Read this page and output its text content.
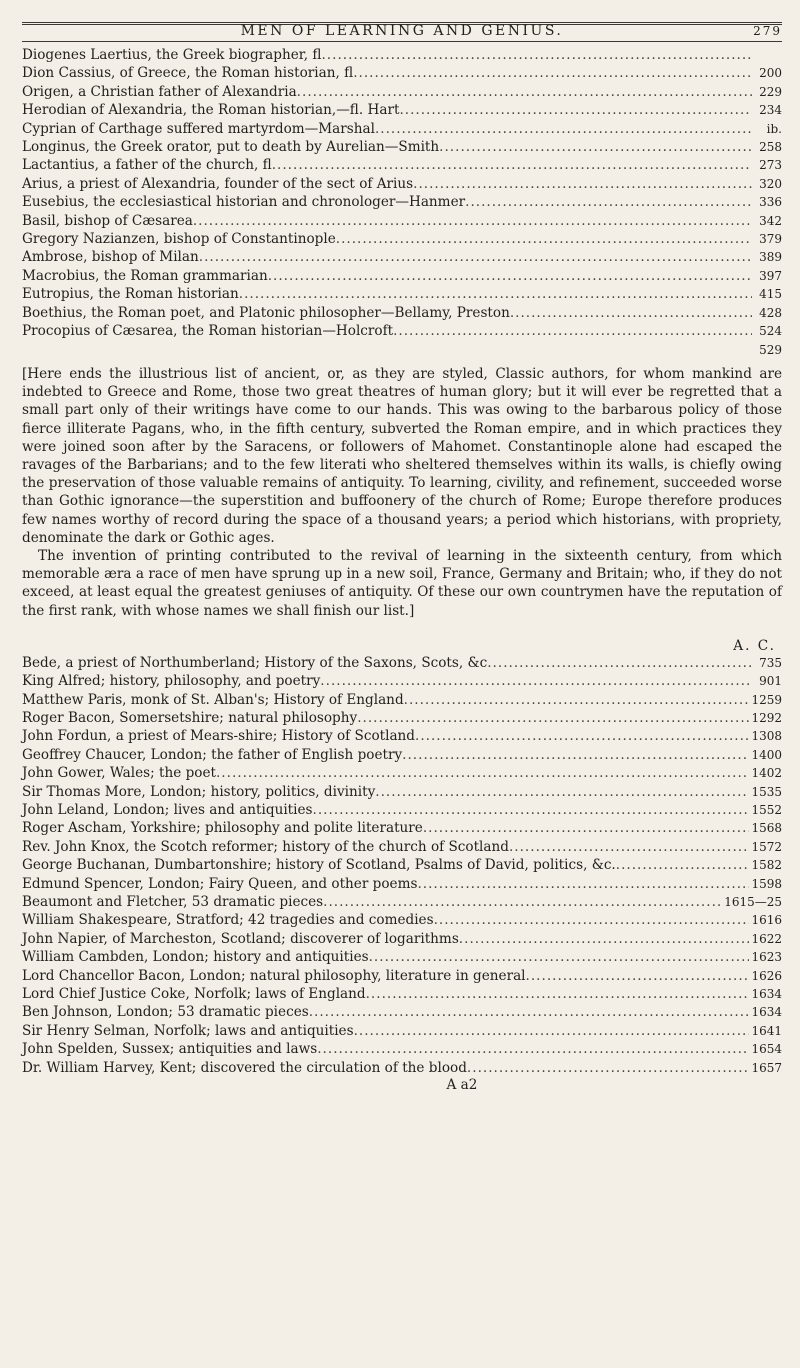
MEN OF LEARNING AND GENIUS.	279
Diogenes Laertius, the Greek biographer, fl
.....
Dion Cassius, of Greece, the Roman historian, fl .....	200
Origen, a Christian father of Alexandria .....	229
Herodian of Alexandria, the Roman historian,—fl. Hart .....	234
Cyprian of Carthage suffered martyrdom—Marshal .....	ib.
Longinus, the Greek orator, put to death by Aurelian—Smith .....	258
Lactantius, a father of the church, fl .....	273
Arius, a priest of Alexandria, founder of the sect of Arius .....	320
Eusebius, the ecclesiastical historian and chronologer—Hanmer .....	336
Basil, bishop of Cæsarea .....	342
Gregory Nazianzen, bishop of Constantinople .....	379
Ambrose, bishop of Milan .....	389
Macrobius, the Roman grammarian .....	397
Eutropius, the Roman historian .....	415
Boethius, the Roman poet, and Platonic philosopher—Bellamy, Preston .....	428
Procopius of Cæsarea, the Roman historian—Holcroft .....	524
529

[Here ends the illustrious list of ancient, or, as they are styled, Classic authors, for whom mankind are indebted to Greece and Rome, those two great theatres of human glory; but it will ever be regretted that a small part only of their writings have come to our hands. This was owing to the barbarous policy of those fierce illiterate Pagans, who, in the fifth century, subverted the Roman empire, and in which practices they were joined soon after by the Saracens, or followers of Mahomet. Constantinople alone had escaped the ravages of the Barbarians; and to the few literati who sheltered themselves within its walls, is chiefly owing the preservation of those valuable remains of antiquity. To learning, civility, and refinement, succeeded worse than Gothic ignorance—the superstition and buffoonery of the church of Rome; Europe therefore produces few names worthy of record during the space of a thousand years; a period which historians, with propriety, denominate the dark or Gothic ages.

The invention of printing contributed to the revival of learning in the sixteenth century, from which memorable æra a race of men have sprung up in a new soil, France, Germany and Britain; who, if they do not exceed, at least equal the greatest geniuses of antiquity. Of these our own countrymen have the reputation of the first rank, with whose names we shall finish our list.]

A. C.
Bede, a priest of Northumberland; History of the Saxons, Scots, &c .....	735
King Alfred; history, philosophy, and poetry .....	901
Matthew Paris, monk of St. Alban's; History of England .....	1259
Roger Bacon, Somersetshire; natural philosophy .....	1292
John Fordun, a priest of Mears-shire; History of Scotland .....	1308
Geoffrey Chaucer, London; the father of English poetry .....	1400
John Gower, Wales; the poet .....	1402
Sir Thomas More, London; history, politics, divinity .....	1535
John Leland, London; lives and antiquities .....	1552
Roger Ascham, Yorkshire; philosophy and polite literature .....	1568
Rev. John Knox, the Scotch reformer; history of the church of Scotland .....	1572
George Buchanan, Dumbartonshire; history of Scotland, Psalms of David, politics, &c. .....	1582
Edmund Spencer, London; Fairy Queen, and other poems .....	1598
Beaumont and Fletcher, 53 dramatic pieces .....	1615—25
William Shakespeare, Stratford; 42 tragedies and comedies .....	1616
John Napier, of Marcheston, Scotland; discoverer of logarithms .....	1622
William Cambden, London; history and antiquities .....	1623
Lord Chancellor Bacon, London; natural philosophy, literature in general .....	1626
Lord Chief Justice Coke, Norfolk; laws of England .....	1634
Ben Johnson, London; 53 dramatic pieces .....	1634
Sir Henry Selman, Norfolk; laws and antiquities .....	1641
John Spelden, Sussex; antiquities and laws .....	1654
Dr. William Harvey, Kent; discovered the circulation of the blood .....	1657
A a2
